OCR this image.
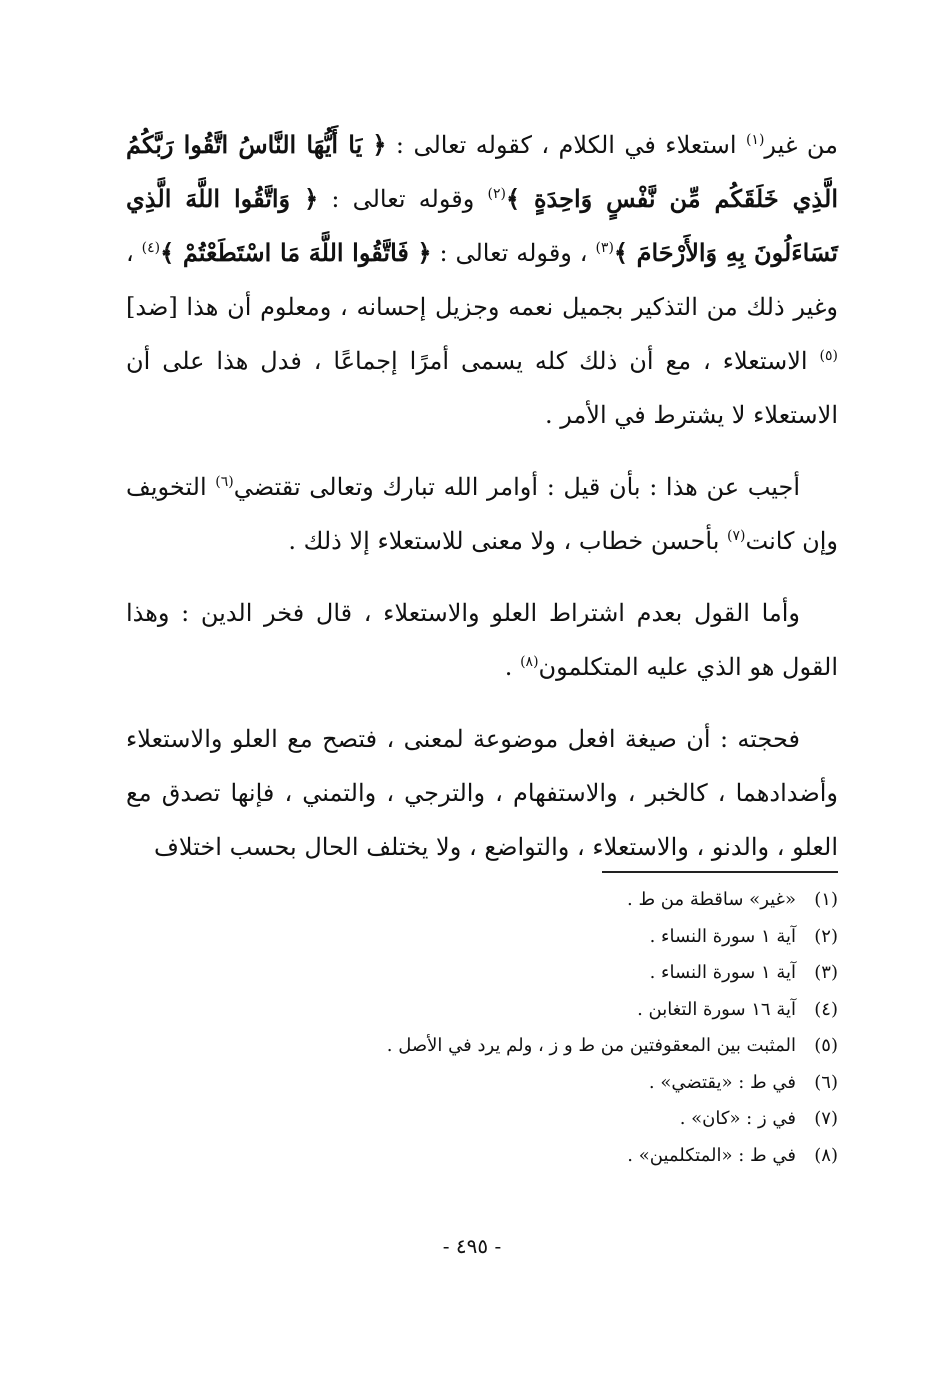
من غير$^{(١)}$ استعلاء في الكلام ، كقوله تعالى : ﴿ يَا أَيُّهَا النَّاسُ اتَّقُوا رَبَّكُمُ الَّذِي خَلَقَكُم مِّن نَّفْسٍ وَاحِدَةٍ ﴾$^{(٢)}$ وقوله تعالى : ﴿ وَاتَّقُوا اللَّهَ الَّذِي تَسَاءَلُونَ بِهِ وَالأَرْحَامَ ﴾$^{(٣)}$ ، وقوله تعالى : ﴿ فَاتَّقُوا اللَّهَ مَا اسْتَطَعْتُمْ ﴾$^{(٤)}$ ، وغير ذلك من التذكير بجميل نعمه وجزيل إحسانه ، ومعلوم أن هذا [ضد]$^{(٥)}$ الاستعلاء ، مع أن ذلك كله يسمى أمرًا إجماعًا ، فدل هذا على أن الاستعلاء لا يشترط في الأمر .

أجيب عن هذا : بأن قيل : أوامر الله تبارك وتعالى تقتضي$^{(٦)}$ التخويف وإن كانت$^{(٧)}$ بأحسن خطاب ، ولا معنى للاستعلاء إلا ذلك .

وأما القول بعدم اشتراط العلو والاستعلاء ، قال فخر الدين : وهذا القول هو الذي عليه المتكلمون$^{(٨)}$ .

فحجته : أن صيغة افعل موضوعة لمعنى ، فتصح مع العلو والاستعلاء وأضدادهما ، كالخبر ، والاستفهام ، والترجي ، والتمني ، فإنها تصدق مع العلو ، والدنو ، والاستعلاء ، والتواضع ، ولا يختلف الحال بحسب اختلاف

(١)
«غير» ساقطة من ط .
(٢)
آية ١ سورة النساء .
(٣)
آية ١ سورة النساء .
(٤)
آية ١٦ سورة التغابن .
(٥)
المثبت بين المعقوفتين من ط و ز ، ولم يرد في الأصل .
(٦)
في ط : «يقتضي» .
(٧)
في ز : «كان» .
(٨)
في ط : «المتكلمين» .
- ٤٩٥ -
